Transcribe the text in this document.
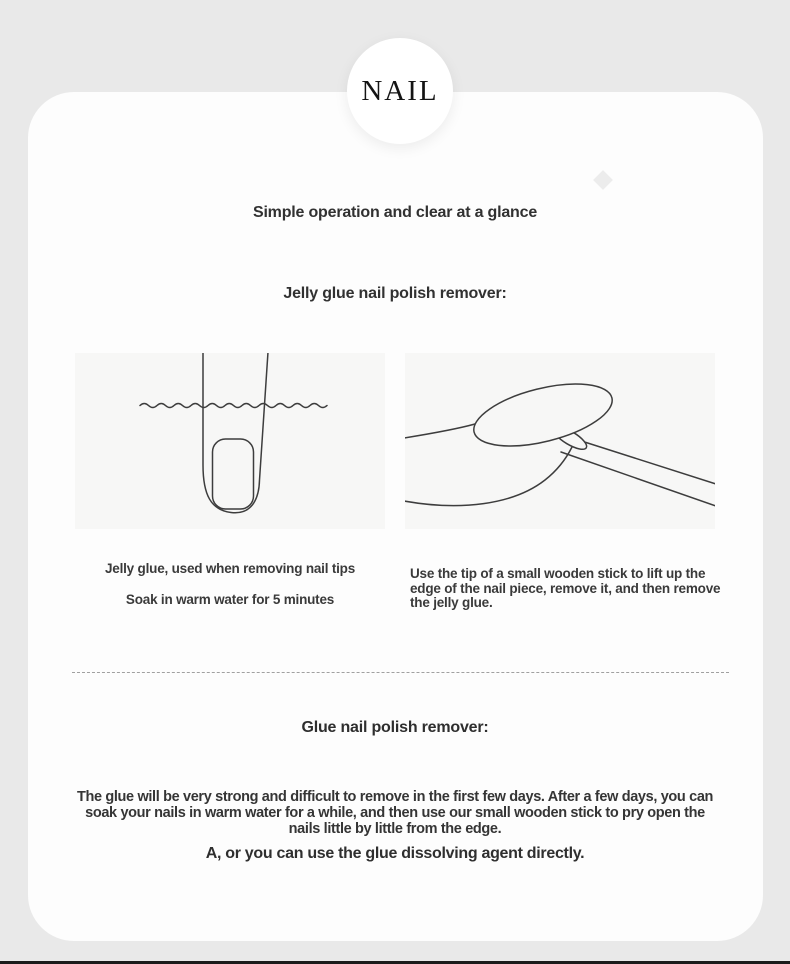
NAIL
Simple operation and clear at a glance
Jelly glue nail polish remover:

Jelly glue, used when removing nail tips

Soak in warm water for 5 minutes

Use the tip of a small wooden stick to lift up the edge of the nail piece, remove it, and then remove the jelly glue.
Glue nail polish remover:
The glue will be very strong and difficult to remove in the first few days. After a few days, you can soak your nails in warm water for a while, and then use our small wooden stick to pry open the nails little by little from the edge.
A, or you can use the glue dissolving agent directly.
